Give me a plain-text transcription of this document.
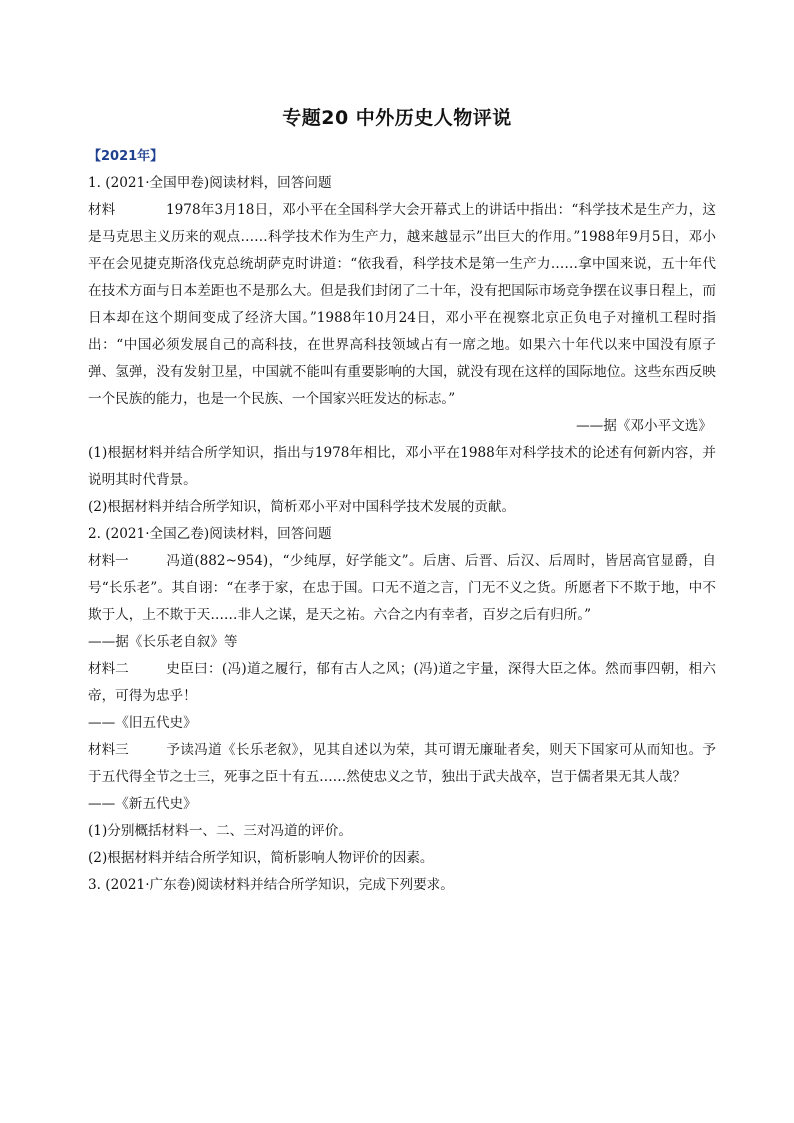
专题20 中外历史人物评说

【2021年】

1. (2021·全国甲卷)阅读材料，回答问题

材料	1978年3月18日，邓小平在全国科学大会开幕式上的讲话中指出：“科学技术是生产力，这是马克思主义历来的观点……科学技术作为生产力，越来越显示”出巨大的作用。”1988年9月5日，邓小平在会见捷克斯洛伐克总统胡萨克时讲道：“依我看，科学技术是第一生产力……拿中国来说，五十年代在技术方面与日本差距也不是那么大。但是我们封闭了二十年，没有把国际市场竞争摆在议事日程上，而日本却在这个期间变成了经济大国。”1988年10月24日，邓小平在视察北京正负电子对撞机工程时指出：“中国必须发展自己的高科技，在世界高科技领域占有一席之地。如果六十年代以来中国没有原子弹、氢弹，没有发射卫星，中国就不能叫有重要影响的大国，就没有现在这样的国际地位。这些东西反映一个民族的能力，也是一个民族、一个国家兴旺发达的标志。”

——据《邓小平文选》

(1)根据材料并结合所学知识，指出与1978年相比，邓小平在1988年对科学技术的论述有何新内容，并说明其时代背景。

(2)根据材料并结合所学知识，简析邓小平对中国科学技术发展的贡献。

2. (2021·全国乙卷)阅读材料，回答问题

材料一	冯道(882~954)，“少纯厚，好学能文”。后唐、后晋、后汉、后周时，皆居高官显爵，自号“长乐老”。其自诩：“在孝于家，在忠于国。口无不道之言，门无不义之货。所愿者下不欺于地，中不欺于人，上不欺于天……非人之谋，是天之祐。六合之内有幸者，百岁之后有归所。”

——据《长乐老自叙》等

材料二	史臣曰：(冯)道之履行，郁有古人之风；(冯)道之宇量，深得大臣之体。然而事四朝，相六帝，可得为忠乎！

——《旧五代史》

材料三	予读冯道《长乐老叙》，见其自述以为荣，其可谓无廉耻者矣，则天下国家可从而知也。予于五代得全节之士三，死事之臣十有五……然使忠义之节，独出于武夫战卒，岂于儒者果无其人哉？

——《新五代史》

(1)分别概括材料一、二、三对冯道的评价。

(2)根据材料并结合所学知识，简析影响人物评价的因素。

3. (2021·广东卷)阅读材料并结合所学知识，完成下列要求。
